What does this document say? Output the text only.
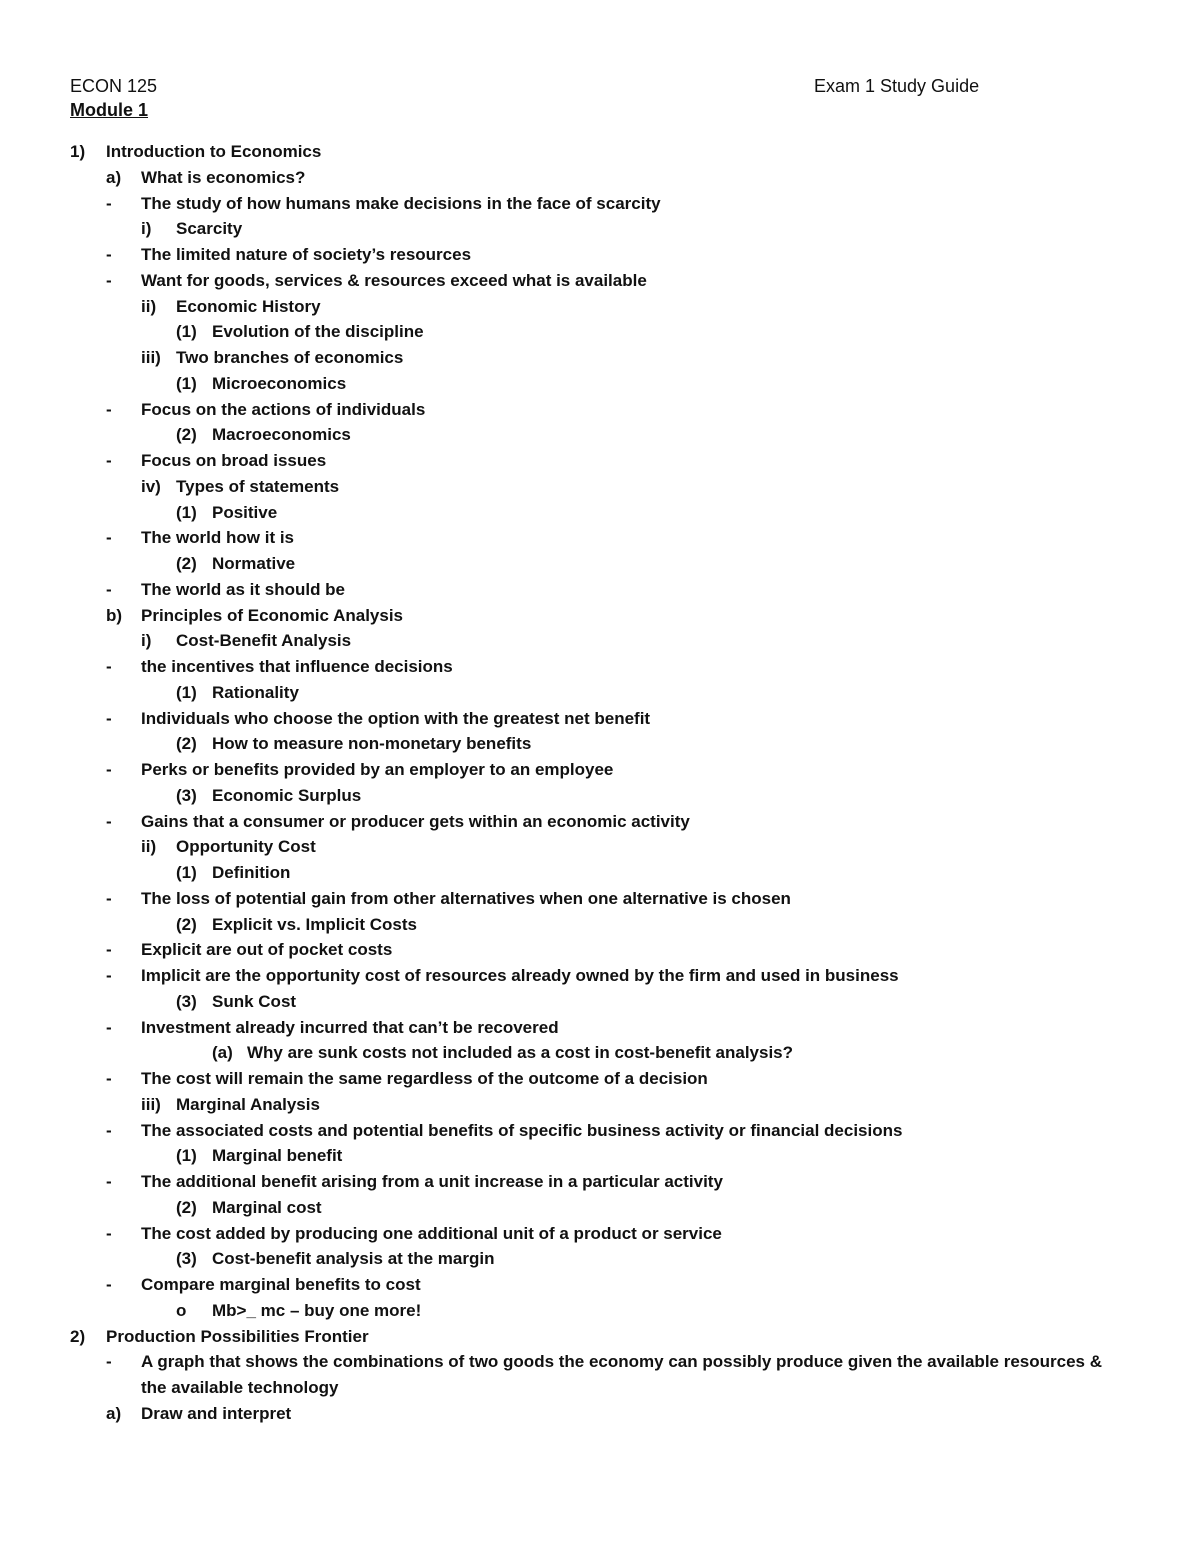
ECON 125	Exam 1 Study Guide
Module 1
1) Introduction to Economics
a) What is economics?
- The study of how humans make decisions in the face of scarcity
i) Scarcity
- The limited nature of society’s resources
- Want for goods, services & resources exceed what is available
ii) Economic History
(1) Evolution of the discipline
iii) Two branches of economics
(1) Microeconomics
- Focus on the actions of individuals
(2) Macroeconomics
- Focus on broad issues
iv) Types of statements
(1) Positive
- The world how it is
(2) Normative
- The world as it should be
b) Principles of Economic Analysis
i) Cost-Benefit Analysis
- the incentives that influence decisions
(1) Rationality
- Individuals who choose the option with the greatest net benefit
(2) How to measure non-monetary benefits
- Perks or benefits provided by an employer to an employee
(3) Economic Surplus
- Gains that a consumer or producer gets within an economic activity
ii) Opportunity Cost
(1) Definition
- The loss of potential gain from other alternatives when one alternative is chosen
(2) Explicit vs. Implicit Costs
- Explicit are out of pocket costs
- Implicit are the opportunity cost of resources already owned by the firm and used in business
(3) Sunk Cost
- Investment already incurred that can’t be recovered
(a) Why are sunk costs not included as a cost in cost-benefit analysis?
- The cost will remain the same regardless of the outcome of a decision
iii) Marginal Analysis
- The associated costs and potential benefits of specific business activity or financial decisions
(1) Marginal benefit
- The additional benefit arising from a unit increase in a particular activity
(2) Marginal cost
- The cost added by producing one additional unit of a product or service
(3) Cost-benefit analysis at the margin
- Compare marginal benefits to cost
o Mb>_ mc – buy one more!
2) Production Possibilities Frontier
- A graph that shows the combinations of two goods the economy can possibly produce given the available resources & the available technology
a) Draw and interpret
